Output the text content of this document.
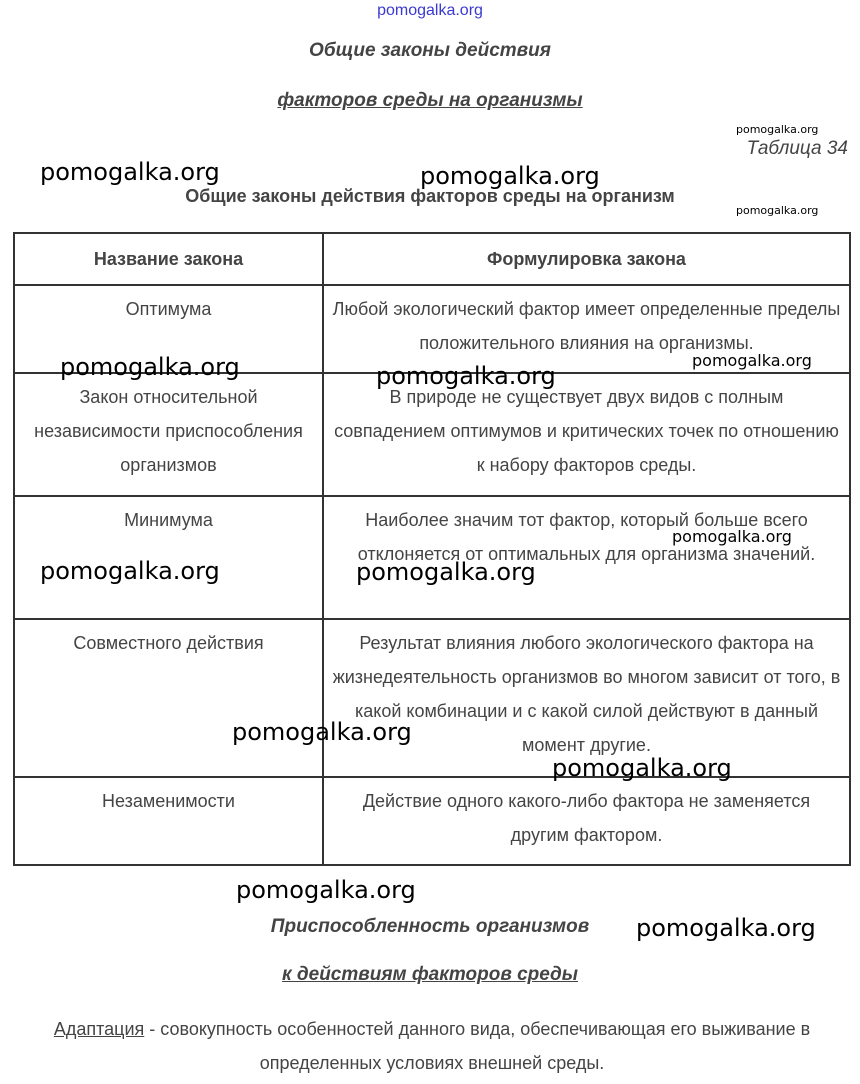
pomogalka.org
Общие законы действия
факторов среды на организмы
Таблица 34
Общие законы действия факторов среды на организм
Название закона	Формулировка закона
Оптимума	Любой экологический фактор имеет определенные пределы положительного влияния на организмы.
Закон относительной независимости приспособления организмов	В природе не существует двух видов с полным совпадением оптимумов и критических точек по отношению к набору факторов среды.
Минимума	Наиболее значим тот фактор, который больше всего отклоняется от оптимальных для организма значений.
Совместного действия	Результат влияния любого экологического фактора на жизнедеятельность организмов во многом зависит от того, в какой комбинации и с какой силой действуют в данный момент другие.
Незаменимости	Действие одного какого-либо фактора не заменяется другим фактором.
Приспособленность организмов
к действиям факторов среды
Адаптация - совокупность особенностей данного вида, обеспечивающая его выживание в определенных условиях внешней среды.
pomogalka.org
pomogalka.org	pomogalka.org
pomogalka.org
pomogalka.org	pomogalka.org
pomogalka.org
pomogalka.org
pomogalka.org	pomogalka.org
pomogalka.org
pomogalka.org
pomogalka.org
pomogalka.org
